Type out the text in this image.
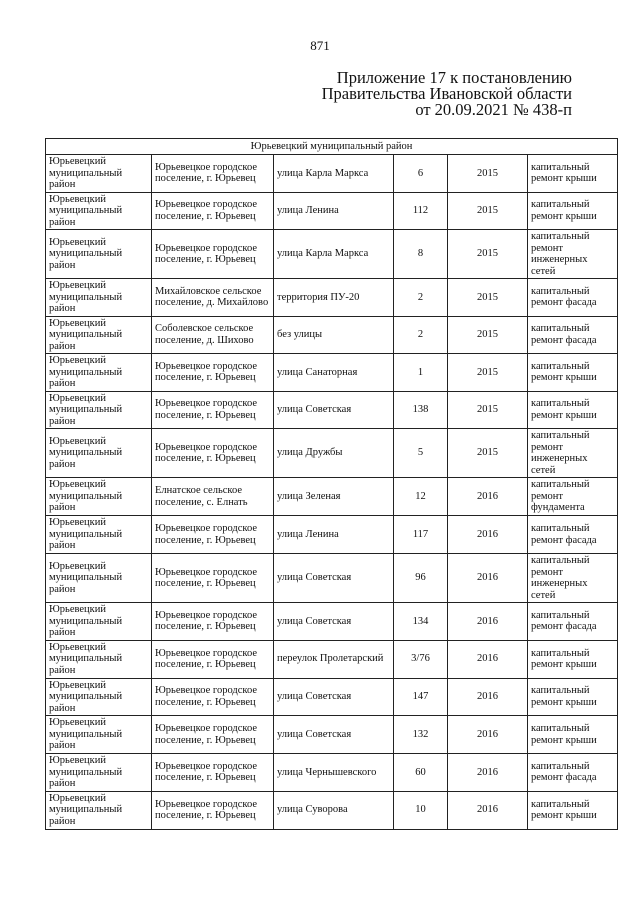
871
Приложение 17 к постановлению
Правительства Ивановской области
от 20.09.2021 № 438-п
Юрьевецкий муниципальный район					
Юрьевецкий муниципальный район	Юрьевецкое городское поселение, г. Юрьевец	улица Карла Маркса	6	2015	капитальный ремонт крыши
Юрьевецкий муниципальный район	Юрьевецкое городское поселение, г. Юрьевец	улица Ленина	112	2015	капитальный ремонт крыши
Юрьевецкий муниципальный район	Юрьевецкое городское поселение, г. Юрьевец	улица Карла Маркса	8	2015	капитальный ремонт инженерных сетей
Юрьевецкий муниципальный район	Михайловское сельское поселение, д. Михайлово	территория ПУ-20	2	2015	капитальный ремонт фасада
Юрьевецкий муниципальный район	Соболевское сельское поселение, д. Шихово	без улицы	2	2015	капитальный ремонт фасада
Юрьевецкий муниципальный район	Юрьевецкое городское поселение, г. Юрьевец	улица Санаторная	1	2015	капитальный ремонт крыши
Юрьевецкий муниципальный район	Юрьевецкое городское поселение, г. Юрьевец	улица Советская	138	2015	капитальный ремонт крыши
Юрьевецкий муниципальный район	Юрьевецкое городское поселение, г. Юрьевец	улица Дружбы	5	2015	капитальный ремонт инженерных сетей
Юрьевецкий муниципальный район	Елнатское сельское поселение, с. Елнать	улица Зеленая	12	2016	капитальный ремонт фундамента
Юрьевецкий муниципальный район	Юрьевецкое городское поселение, г. Юрьевец	улица Ленина	117	2016	капитальный ремонт фасада
Юрьевецкий муниципальный район	Юрьевецкое городское поселение, г. Юрьевец	улица Советская	96	2016	капитальный ремонт инженерных сетей
Юрьевецкий муниципальный район	Юрьевецкое городское поселение, г. Юрьевец	улица Советская	134	2016	капитальный ремонт фасада
Юрьевецкий муниципальный район	Юрьевецкое городское поселение, г. Юрьевец	переулок Пролетарский	3/76	2016	капитальный ремонт крыши
Юрьевецкий муниципальный район	Юрьевецкое городское поселение, г. Юрьевец	улица Советская	147	2016	капитальный ремонт крыши
Юрьевецкий муниципальный район	Юрьевецкое городское поселение, г. Юрьевец	улица Советская	132	2016	капитальный ремонт крыши
Юрьевецкий муниципальный район	Юрьевецкое городское поселение, г. Юрьевец	улица Чернышевского	60	2016	капитальный ремонт фасада
Юрьевецкий муниципальный район	Юрьевецкое городское поселение, г. Юрьевец	улица Суворова	10	2016	капитальный ремонт крыши
